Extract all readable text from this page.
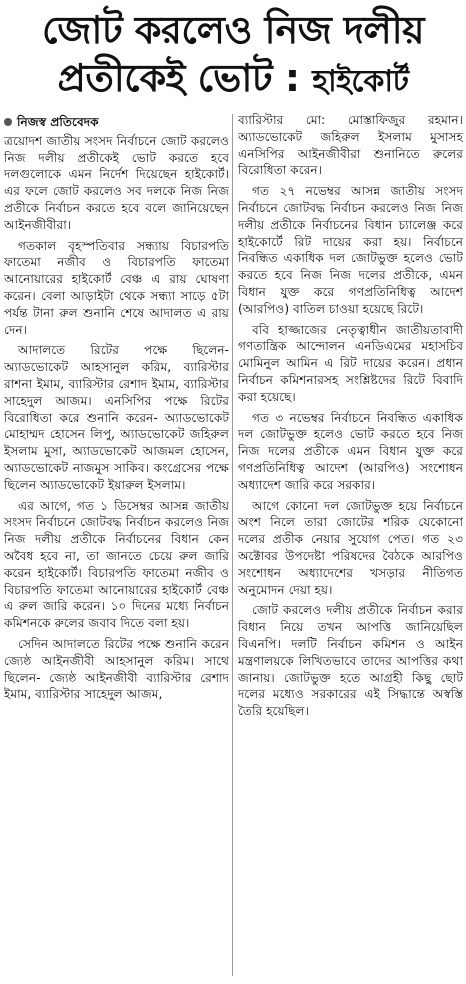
জোট করলেও নিজ দলীয়
প্রতীকেই ভোট : হাইকোর্ট
নিজস্ব প্রতিবেদক

ত্রয়োদশ জাতীয় সংসদ নির্বাচনে জোট করলেও নিজ দলীয় প্রতীকেই ভোট করতে হবে দলগুলোকে এমন নির্দেশ দিয়েছেন হাইকোর্ট। এর ফলে জোট করলেও সব দলকে নিজ নিজ প্রতীকে নির্বাচন করতে হবে বলে জানিয়েছেন আইনজীবীরা।

গতকাল বৃহস্পতিবার সন্ধ্যায় বিচারপতি ফাতেমা নজীব ও বিচারপতি ফাতেমা আনোয়ারের হাইকোর্ট বেঞ্চ এ রায় ঘোষণা করেন। বেলা আড়াইটা থেকে সন্ধ্যা সাড়ে ৫টা পর্যন্ত টানা রুল শুনানি শেষে আদালত এ রায় দেন।

আদালতে রিটের পক্ষে ছিলেন- অ্যাডভোকেট আহসানুল করিম, ব্যারিস্টার রাশনা ইমাম, ব্যারিস্টার রেশাদ ইমাম, ব্যারিস্টার সাহেদুল আজম। এনসিপির পক্ষে রিটের বিরোধিতা করে শুনানি করেন- অ্যাডভোকেট মোহাম্মদ হোসেন লিপু, অ্যাডভোকেট জহিরুল ইসলাম মুসা, অ্যাডভোকেট আজমল হোসেন, অ্যাডভোকেট নাজমুস সাকিব। কংগ্রেসের পক্ষে ছিলেন অ্যাডভোকেট ইয়ারুল ইসলাম।

এর আগে, গত ১ ডিসেম্বর আসন্ন জাতীয় সংসদ নির্বাচনে জোটবদ্ধ নির্বাচন করলেও নিজ নিজ দলীয় প্রতীকে নির্বাচনের বিধান কেন অবৈধ হবে না, তা জানতে চেয়ে রুল জারি করেন হাইকোর্ট। বিচারপতি ফাতেমা নজীব ও বিচারপতি ফাতেমা আনোয়ারের হাইকোর্ট বেঞ্চ এ রুল জারি করেন। ১০ দিনের মধ্যে নির্বাচন কমিশনকে রুলের জবাব দিতে বলা হয়।

সেদিন আদালতে রিটের পক্ষে শুনানি করেন জ্যেষ্ঠ আইনজীবী আহসানুল করিম। সাথে ছিলেন- জ্যেষ্ঠ আইনজীবী ব্যারিস্টার রেশাদ ইমাম, ব্যারিস্টার সাহেদুল আজম,

ব্যারিস্টার মো: মোস্তাফিজুর রহমান। অ্যাডভোকেট জহিরুল ইসলাম মুসাসহ এনসিপির আইনজীবীরা শুনানিতে রুলের বিরোধিতা করেন।

গত ২৭ নভেম্বর আসন্ন জাতীয় সংসদ নির্বাচনে জোটবদ্ধ নির্বাচন করলেও নিজ নিজ দলীয় প্রতীকে নির্বাচনের বিধান চ্যালেঞ্জ করে হাইকোর্টে রিট দায়ের করা হয়। নির্বাচনে নিবন্ধিত একাধিক দল জোটভুক্ত হলেও ভোট করতে হবে নিজ নিজ দলের প্রতীকে, এমন বিধান যুক্ত করে গণপ্রতিনিধিত্ব আদেশ (আরপিও) বাতিল চাওয়া হয়েছে রিটে।

ববি হাজ্জাজের নেতৃত্বাধীন জাতীয়তাবাদী গণতান্ত্রিক আন্দোলন এনডিএমের মহাসচিব মোমিনুল আমিন এ রিট দায়ের করেন। প্রধান নির্বাচন কমিশনারসহ সংশ্লিষ্টদের রিটে বিবাদি করা হয়েছে।

গত ৩ নভেম্বর নির্বাচনে নিবন্ধিত একাধিক দল জোটভুক্ত হলেও ভোট করতে হবে নিজ নিজ দলের প্রতীকে এমন বিধান যুক্ত করে গণপ্রতিনিধিত্ব আদেশ (আরপিও) সংশোধন অধ্যাদেশ জারি করে সরকার।

আগে কোনো দল জোটভুক্ত হয়ে নির্বাচনে অংশ নিলে তারা জোটের শরিক যেকোনো দলের প্রতীক নেয়ার সুযোগ পেত। গত ২৩ অক্টোবর উপদেষ্টা পরিষদের বৈঠকে আরপিও সংশোধন অধ্যাদেশের খসড়ার নীতিগত অনুমোদন দেয়া হয়।

জোট করলেও দলীয় প্রতীকে নির্বাচন করার বিধান নিয়ে তখন আপত্তি জানিয়েছিল বিএনপি। দলটি নির্বাচন কমিশন ও আইন মন্ত্রণালয়কে লিখিতভাবে তাদের আপত্তির কথা জানায়। জোটভুক্ত হতে আগ্রহী কিছু ছোট দলের মধ্যেও সরকারের এই সিদ্ধান্তে অস্বস্তি তৈরি হয়েছিল।
